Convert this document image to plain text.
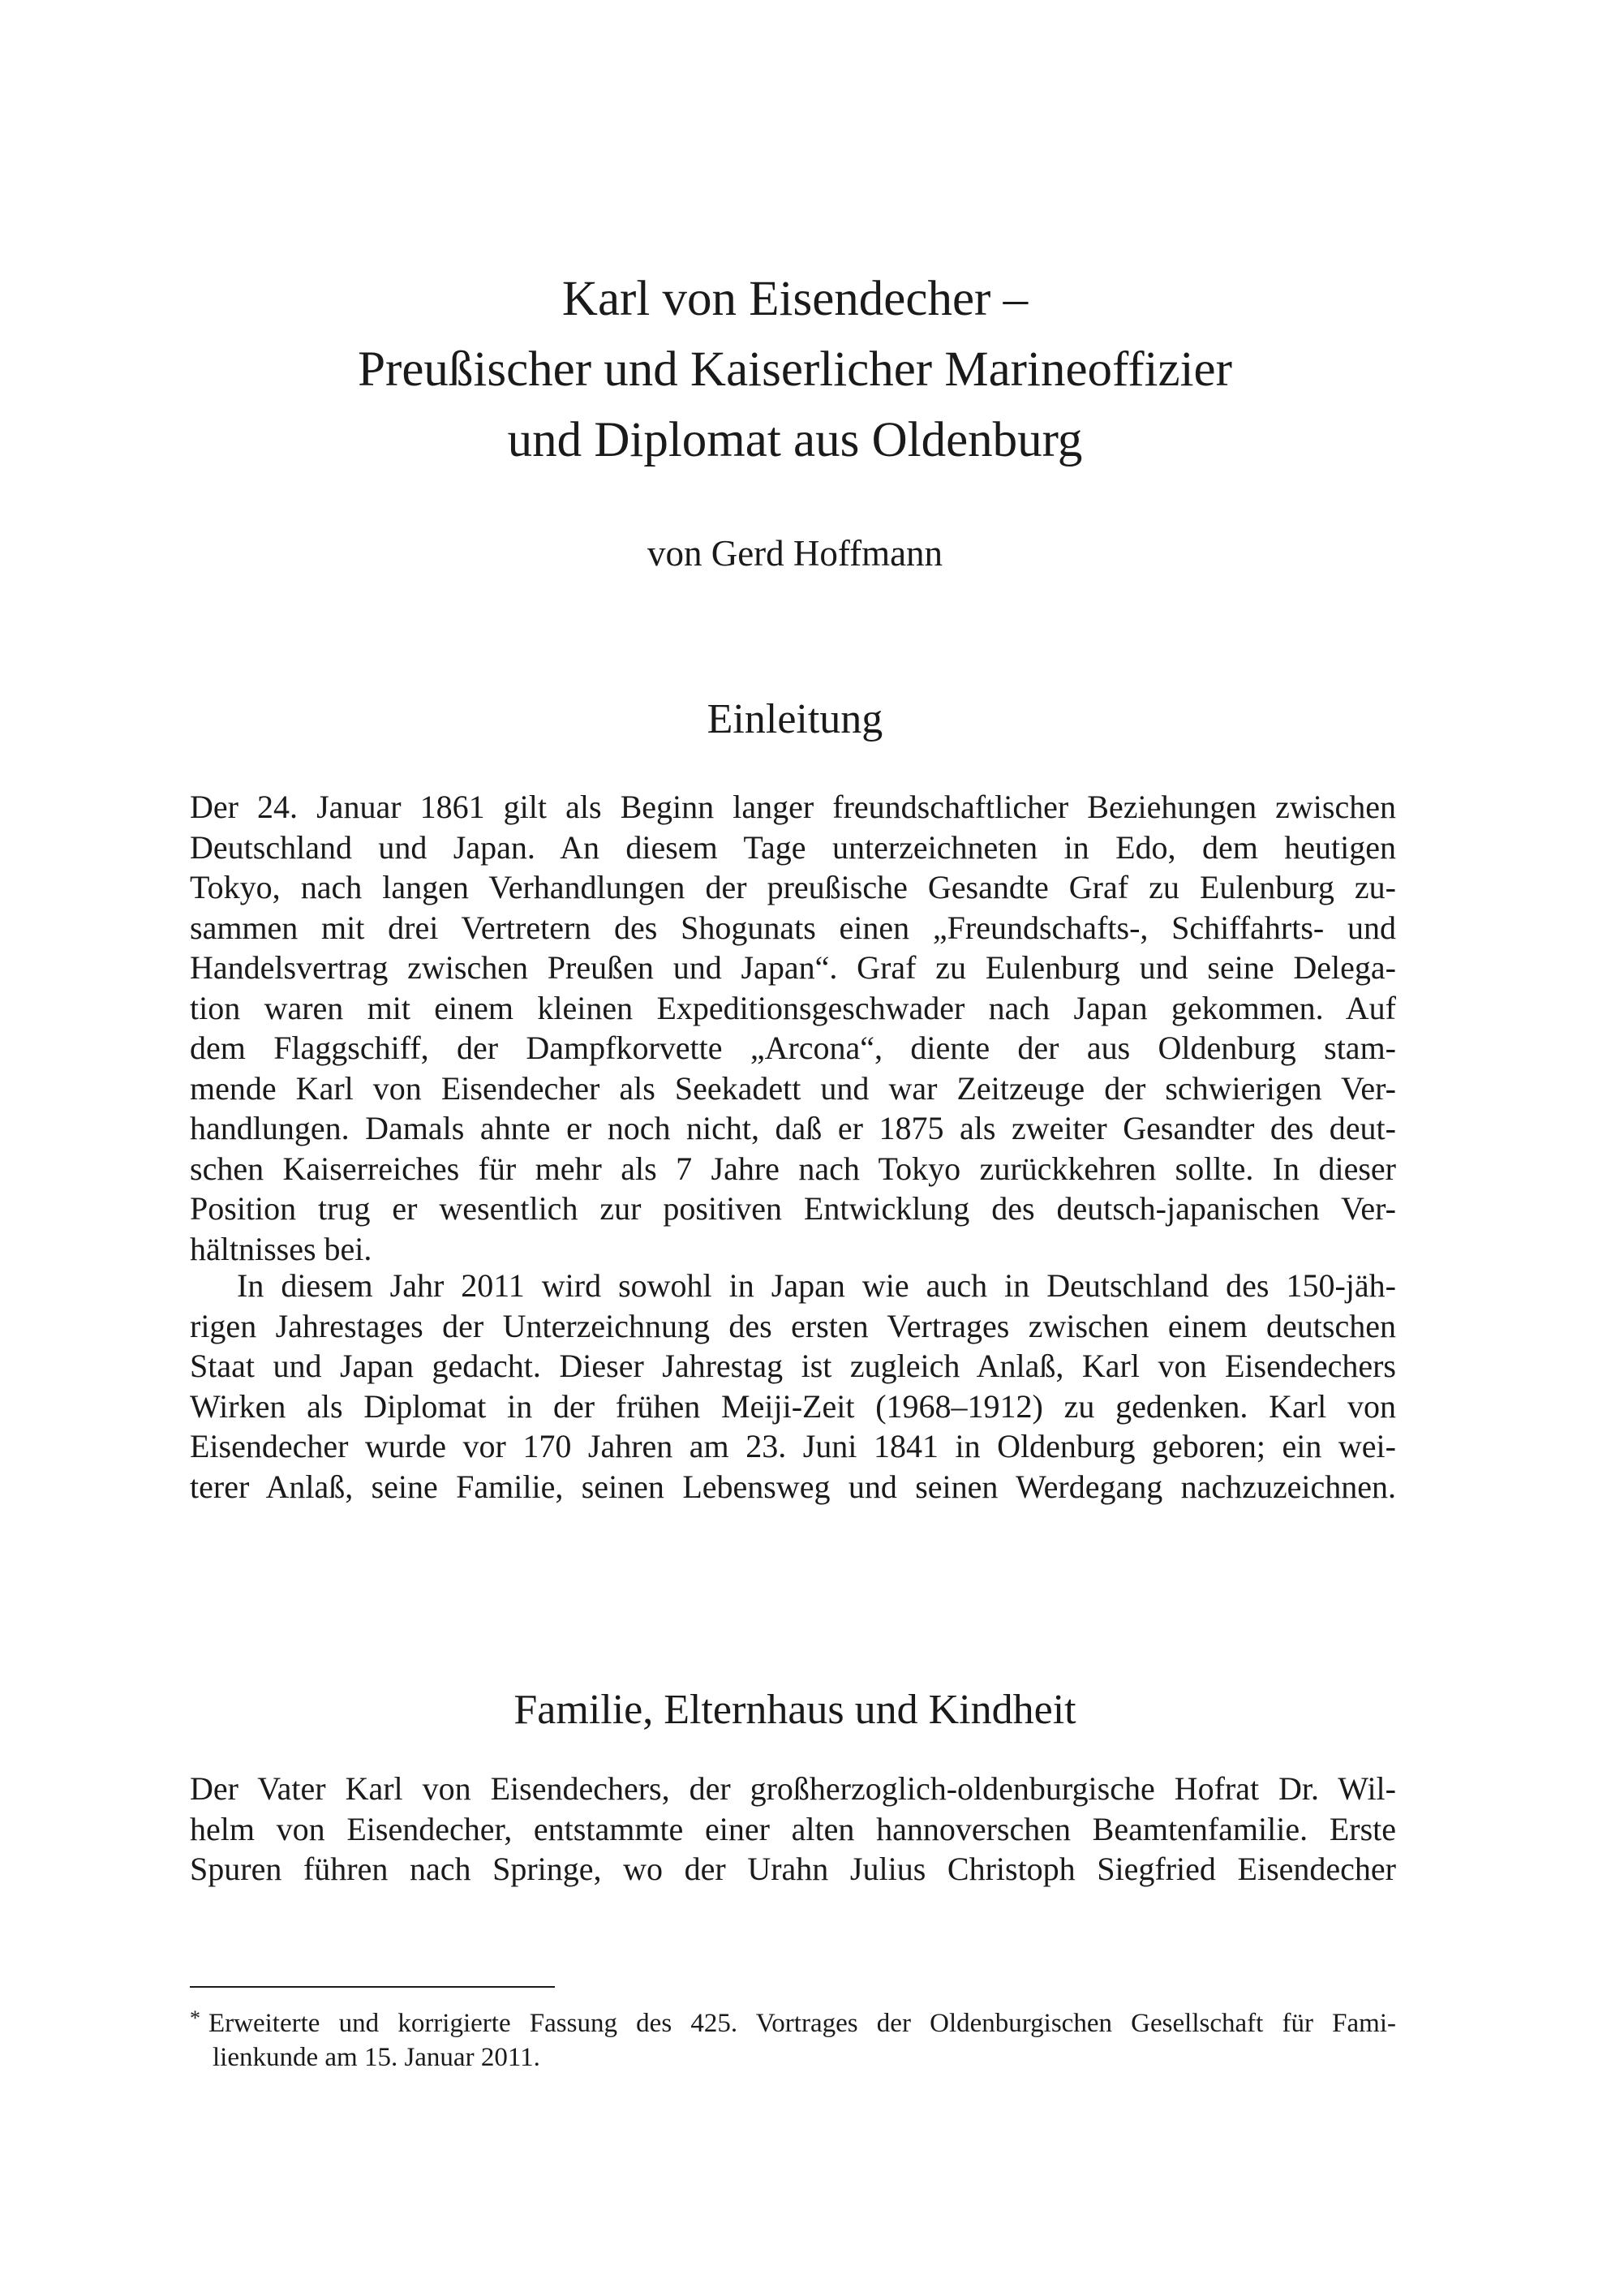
Karl von Eisendecher –
Preußischer und Kaiserlicher Marineoffizier
und Diplomat aus Oldenburg
von Gerd Hoffmann
Einleitung
Der 24. Januar 1861 gilt als Beginn langer freundschaftlicher Beziehungen zwischen
Deutschland und Japan. An diesem Tage unterzeichneten in Edo, dem heutigen
Tokyo, nach langen Verhandlungen der preußische Gesandte Graf zu Eulenburg zu-
sammen mit drei Vertretern des Shogunats einen „Freundschafts-, Schiffahrts- und
Handelsvertrag zwischen Preußen und Japan“. Graf zu Eulenburg und seine Delega-
tion waren mit einem kleinen Expeditionsgeschwader nach Japan gekommen. Auf
dem Flaggschiff, der Dampfkorvette „Arcona“, diente der aus Oldenburg stam-
mende Karl von Eisendecher als Seekadett und war Zeitzeuge der schwierigen Ver-
handlungen. Damals ahnte er noch nicht, daß er 1875 als zweiter Gesandter des deut-
schen Kaiserreiches für mehr als 7 Jahre nach Tokyo zurückkehren sollte. In dieser
Position trug er wesentlich zur positiven Entwicklung des deutsch-japanischen Ver-
hältnisses bei.
In diesem Jahr 2011 wird sowohl in Japan wie auch in Deutschland des 150-jäh-
rigen Jahrestages der Unterzeichnung des ersten Vertrages zwischen einem deutschen
Staat und Japan gedacht. Dieser Jahrestag ist zugleich Anlaß, Karl von Eisendechers
Wirken als Diplomat in der frühen Meiji-Zeit (1968–1912) zu gedenken. Karl von
Eisendecher wurde vor 170 Jahren am 23. Juni 1841 in Oldenburg geboren; ein wei-
terer Anlaß, seine Familie, seinen Lebensweg und seinen Werdegang nachzuzeichnen.
Familie, Elternhaus und Kindheit
Der Vater Karl von Eisendechers, der großherzoglich-oldenburgische Hofrat Dr. Wil-
helm von Eisendecher, entstammte einer alten hannoverschen Beamtenfamilie. Erste
Spuren führen nach Springe, wo der Urahn Julius Christoph Siegfried Eisendecher
* Erweiterte und korrigierte Fassung des 425. Vortrages der Oldenburgischen Gesellschaft für Fami-
lienkunde am 15. Januar 2011.
